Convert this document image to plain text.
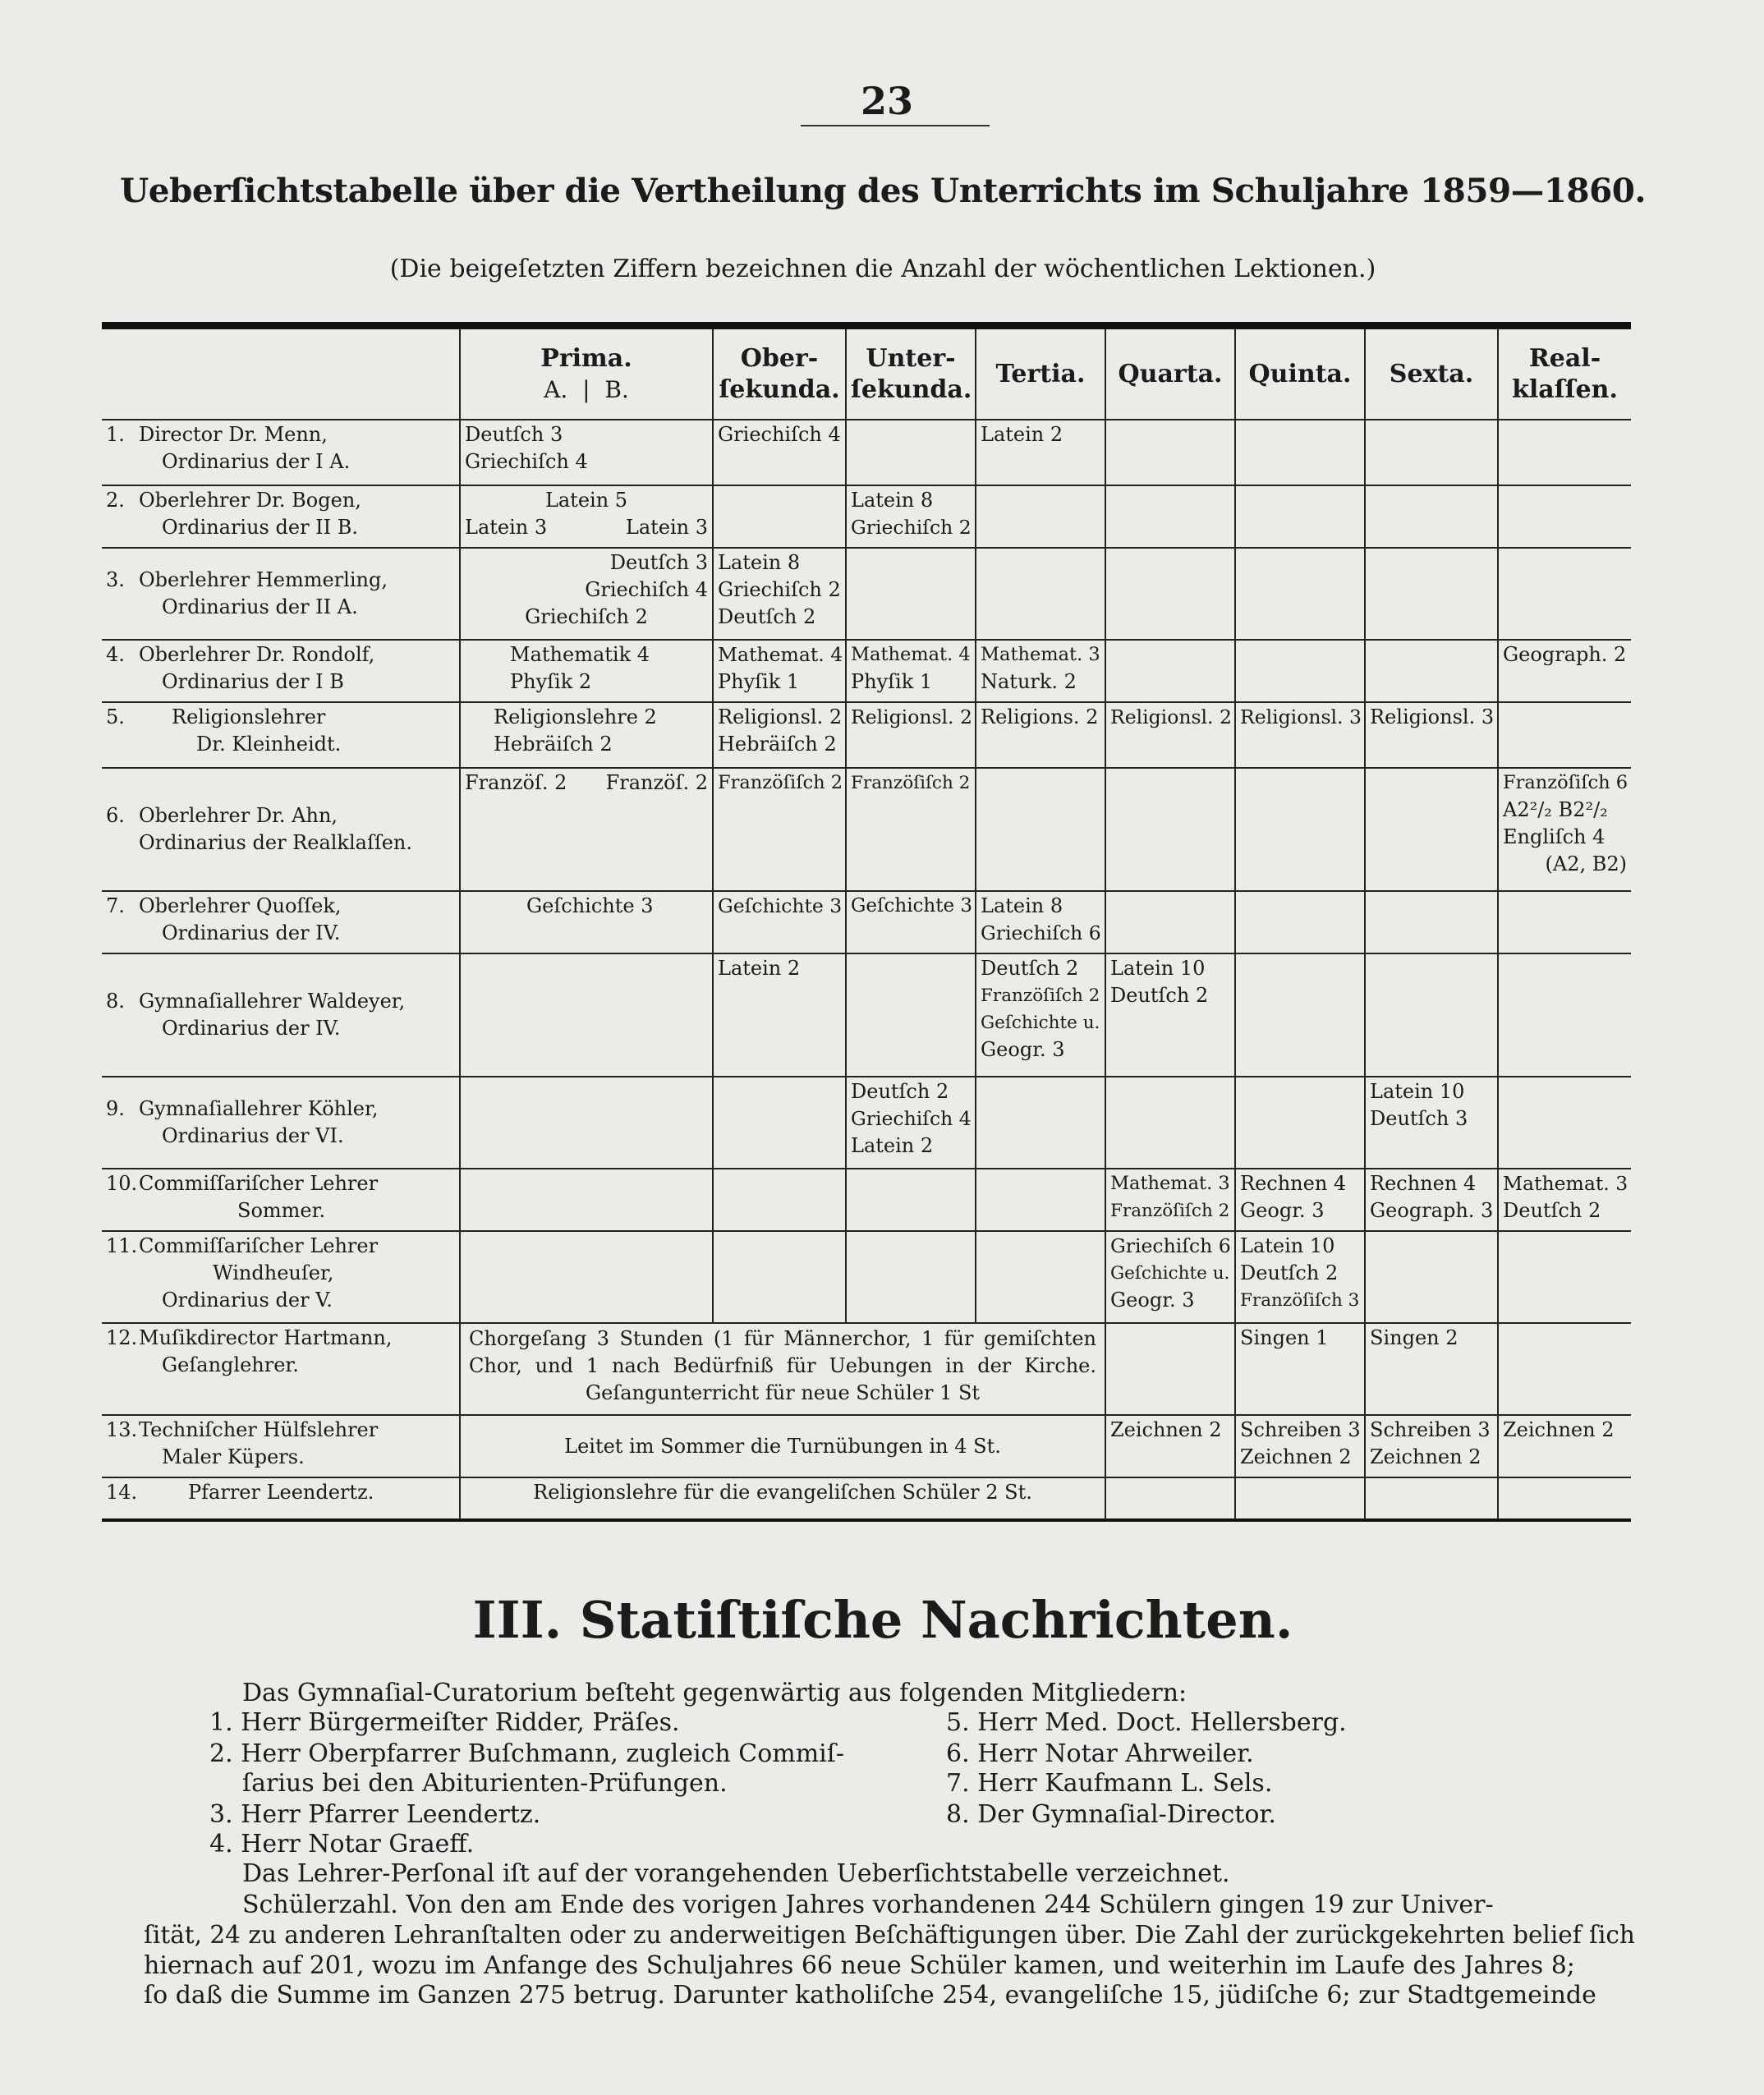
23
Ueberſichtstabelle über die Vertheilung des Unterrichts im Schuljahre 1859—1860.
(Die beigeſetzten Ziffern bezeichnen die Anzahl der wöchentlichen Lektionen.)
	Prima.
A.  |  B.	Ober-ſekunda.	Unter-ſekunda.	Tertia.	Quarta.	Quinta.	Sexta.	Real-klaſſen.

1. Director Dr. Menn,
Ordinarius der I A.	Deutſch 3
Griechiſch 4	Griechiſch 4		Latein 2				

2. Oberlehrer Dr. Bogen,
Ordinarius der II B.	Latein 5
Latein 3 Latein 3		Latein 8
Griechiſch 2					

3. Oberlehrer Hemmerling,
Ordinarius der II A.	Deutſch 3
Griechiſch 4
Griechiſch 2	Latein 8
Griechiſch 2
Deutſch 2						

4. Oberlehrer Dr. Rondolf,
Ordinarius der I B	Mathematik 4
Phyſik 2	Mathemat. 4
Phyſik 1	Mathemat. 4
Phyſik 1	Mathemat. 3
Naturk. 2				Geograph. 2

5. Religionslehrer
Dr. Kleinheidt.	Religionslehre 2
Hebräiſch 2	Religionsl. 2
Hebräiſch 2	Religionsl. 2	Religions. 2	Religionsl. 2	Religionsl. 3	Religionsl. 3	

6. Oberlehrer Dr. Ahn,
Ordinarius der Realklaſſen.	Franzöſ. 2 Franzöſ. 2	Franzöſiſch 2	Franzöſiſch 2					Franzöſiſch 6
A2²/₂ B2²/₂
Engliſch 4
(A2, B2)

7. Oberlehrer Quoſſek,
Ordinarius der IV.	Geſchichte 3	Geſchichte 3	Geſchichte 3	Latein 8
Griechiſch 6				

8. Gymnaſiallehrer Waldeyer,
Ordinarius der IV.		Latein 2		Deutſch 2
Franzöſiſch 2
Geſchichte u.
Geogr. 3	Latein 10
Deutſch 2			

9. Gymnaſiallehrer Köhler,
Ordinarius der VI.			Deutſch 2
Griechiſch 4
Latein 2				Latein 10
Deutſch 3	

10.Commiſſariſcher Lehrer
Sommer.					Mathemat. 3
Franzöſiſch 2	Rechnen 4
Geogr. 3	Rechnen 4
Geograph. 3	Mathemat. 3
Deutſch 2

11.Commiſſariſcher Lehrer
Windheuſer,
Ordinarius der V.					Griechiſch 6
Geſchichte u.
Geogr. 3	Latein 10
Deutſch 2
Franzöſiſch 3		

12.Muſikdirector Hartmann,
Geſanglehrer.	Chorgeſang 3 Stunden (1 für Männerchor, 1 für gemiſchten Chor, und 1 nach Bedürfniß für Uebungen in der Kirche. Geſangunterricht für neue Schüler 1 St					Singen 1	Singen 2	

13.Techniſcher Hülfslehrer
Maler Küpers.	Leitet im Sommer die Turnübungen in 4 St.				Zeichnen 2	Schreiben 3
Zeichnen 2	Schreiben 3
Zeichnen 2	Zeichnen 2

14. Pfarrer Leendertz.	Religionslehre für die evangeliſchen Schüler 2 St.							
III. Statiſtiſche Nachrichten.
Das Gymnaſial-Curatorium beſteht gegenwärtig aus folgenden Mitgliedern:
1. Herr Bürgermeiſter Ridder, Präſes.
2. Herr Oberpfarrer Buſchmann, zugleich Commiſ-
ſarius bei den Abiturienten-Prüfungen.
3. Herr Pfarrer Leendertz.
4. Herr Notar Graeff.
5. Herr Med. Doct. Hellersberg.
6. Herr Notar Ahrweiler.
7. Herr Kaufmann L. Sels.
8. Der Gymnaſial-Director.
Das Lehrer-Perſonal iſt auf der vorangehenden Ueberſichtstabelle verzeichnet.
Schülerzahl. Von den am Ende des vorigen Jahres vorhandenen 244 Schülern gingen 19 zur Univer-
ſität, 24 zu anderen Lehranſtalten oder zu anderweitigen Beſchäftigungen über. Die Zahl der zurückgekehrten belief ſich
hiernach auf 201, wozu im Anfange des Schuljahres 66 neue Schüler kamen, und weiterhin im Laufe des Jahres 8;
ſo daß die Summe im Ganzen 275 betrug. Darunter katholiſche 254, evangeliſche 15, jüdiſche 6; zur Stadtgemeinde
